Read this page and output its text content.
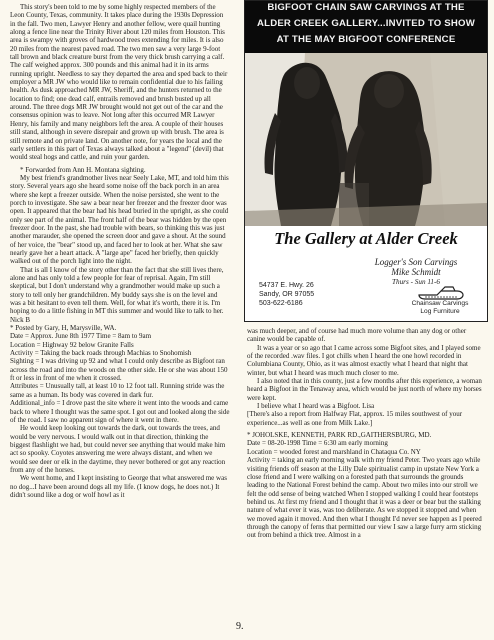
This story's been told to me by some highly respected members of the Leon County, Texas, community. It takes place during the 1930s Depression in the fall. Two men, Lawyer Henry and another fellow, were quail hunting along a fence line near the Trinity River about 120 miles from Houston. This area is swampy with groves of hardwood trees extending for miles. It is also 20 miles from the nearest paved road. The two men saw a very large 9-foot tall brown and black creature burst from the very thick brush carrying a calf. The calf weighed approx. 300 pounds and this animal had it in its arms running upright. Needless to say they departed the area and sped back to their employer a MR JW who would like to remain confidential due to his failing health. As dusk approached MR JW, Sheriff, and the hunters returned to the location to find; one dead calf, entrails removed and brush busted up all around. The three dogs MR JW brought would not get out of the car and the consensus opinion was to leave. Not long after this occurred MR Lawyer Henry, his family and many neighbors left the area. A couple of their houses still stand, although in severe disrepair and grown up with brush. The area is still remote and on private land. On another note, for years the local and the early settlers in this part of Texas always talked about a "legend" (devil) that would steal hogs and cattle, and ruin your garden.

* Forwarded from Ann H. Montana sighting.

My best friend's grandmother lives near Seely Lake, MT, and told him this story. Several years ago she heard some noise off the back porch in an area where she kept a freezer outside. When the noise persisted, she went to the porch to investigate. She saw a bear near her freezer and the freezer door was open. It appeared that the bear had his head buried in the upright, as she could only see part of the animal. The front half of the bear was hidden by the open freezer door. In the past, she had trouble with bears, so thinking this was just another marauder, she opened the screen door and gave a shout. At the sound of her voice, the "bear" stood up, and faced her to look at her. What she saw nearly gave her a heart attack. A "large ape" faced her briefly, then quickly walked out of the porch light into the night.

That is all I know of the story other than the fact that she still lives there, alone and has only told a few people for fear of reprisal. Again, I'm still skeptical, but I don't understand why a grandmother would make up such a story to tell only her grandchildren. My buddy says she is on the level and was a bit hesitant to even tell them. Well, for what it's worth, there it is. I'm hoping to do a little fishing in MT this summer and would like to talk to her. Nick B

* Posted by Gary, H, Marysville, WA.

Date = Approx. June 8th 1977 Time = 8am to 9am

Location = Highway 92 below Granite Falls

Activity = Taking the back roads through Machias to Snohomish

Sighting = I was driving up 92 and what I could only describe as Bigfoot ran across the road and into the woods on the other side. He or she was about 150 ft or less in front of me when it crossed.

Attributes = Unusually tall, at least 10 to 12 foot tall. Running stride was the same as a human. Its body was covered in dark fur.

Additional_info = I drove past the site where it went into the woods and came back to where I thought was the same spot. I got out and looked along the side of the road. I saw no apparent sign of where it went in there.

He would keep looking out towards the dark, out towards the trees, and would be very nervous. I would walk out in that direction, thinking the biggest flashlight we had, but could never see anything that would make him act so spooky. Coyotes answering me were always distant, and when we would see deer or elk in the daytime, they never bothered or got any reaction from any of the horses.

We went home, and I kept insisting to George that what answered me was no dog...I have been around dogs all my life. (I know dogs, he does not.) It didn't sound like a dog or wolf howl as it

BIGFOOT CHAIN SAW CARVINGS AT THE
ALDER CREEK GALLERY...INVITED TO SHOW
AT THE MAY BIGFOOT CONFERENCE
The Gallery at Alder Creek
Logger's Son Carvings
Mike Schmidt
Thurs - Sun 11-6
54737 E. Hwy. 26
Sandy, OR 97055
503-622-6186	Chainsaw Carvings
Log Furniture

was much deeper, and of course had much more volume than any dog or other canine would be capable of.

It was a year or so ago that I came across some Bigfoot sites, and I played some of the recorded .wav files. I got chills when I heard the one howl recorded in Columbiana County, Ohio, as it was almost exactly what I heard that night that winter, but what I heard was much much closer to me.

I also noted that in this county, just a few months after this experience, a woman heard a Bigfoot in the Tenaway area, which would be just north of where my horses were kept.

I believe what I heard was a Bigfoot. Lisa

[There's also a report from Halfway Flat, approx. 15 miles southwest of your experience...as well as one from Milk Lake.]

* JOHOLSKE, KENNETH, PARK RD.,GAITHERSBURG, MD.

Date = 08-20-1998 Time = 6:30 am early morning

Location = wooded forest and marshland in Chataqua Co. NY

Activity = taking an early morning walk with my friend Peter. Two years ago while visiting friends off season at the Lilly Dale spiritualist camp in upstate New York a close friend and I were walking on a forested path that surrounds the grounds leading to the National Forest behind the camp. About two miles into our stroll we felt the odd sense of being watched When I stopped walking I could hear footsteps behind us. At first my friend and I thought that it was a deer or bear but the stalking nature of what ever it was, was too deliberate. As we stopped it stopped and when we moved again it moved. And then what I thought I'd never see happen as I peered through the canopy of ferns that permitted our view I saw a large furry arm sticking out from behind a thick tree. Almost in a

9.
